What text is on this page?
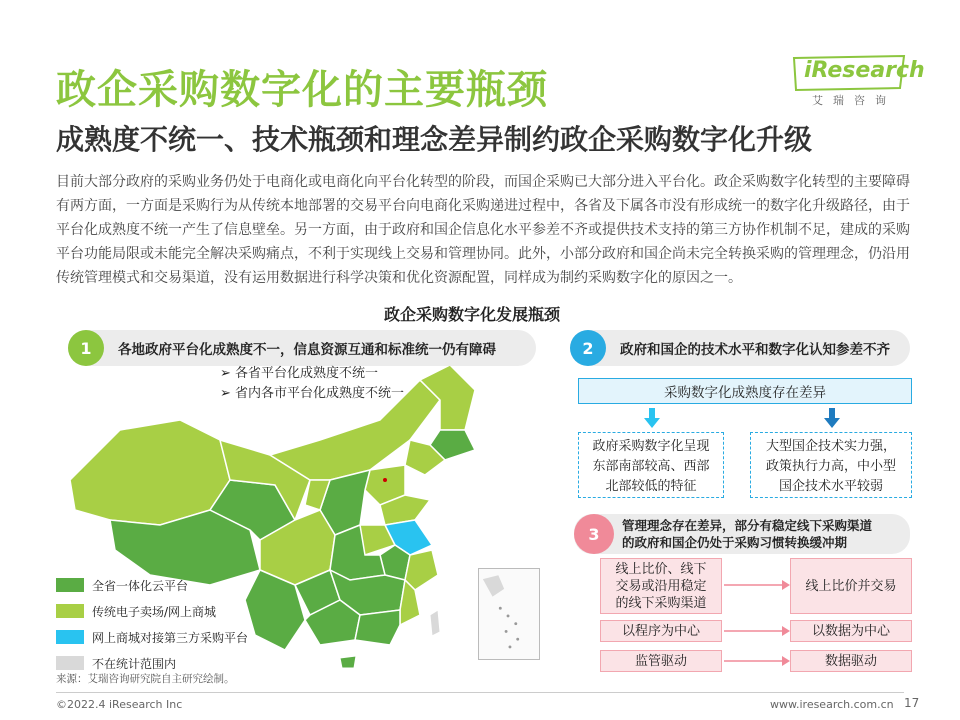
政企采购数字化的主要瓶颈
成熟度不统一、技术瓶颈和理念差异制约政企采购数字化升级
iResearch
艾瑞咨询
目前大部分政府的采购业务仍处于电商化或电商化向平台化转型的阶段，而国企采购已大部分进入平台化。政企采购数字化转型的主要障碍有两方面，一方面是采购行为从传统本地部署的交易平台向电商化采购递进过程中，各省及下属各市没有形成统一的数字化升级路径，由于平台化成熟度不统一产生了信息壁垒。另一方面，由于政府和国企信息化水平参差不齐或提供技术支持的第三方协作机制不足，建成的采购平台功能局限或未能完全解决采购痛点，不利于实现线上交易和管理协同。此外，小部分政府和国企尚未完全转换采购的管理理念，仍沿用传统管理模式和交易渠道，没有运用数据进行科学决策和优化资源配置，同样成为制约采购数字化的原因之一。
政企采购数字化发展瓶颈
1	各地政府平台化成熟度不一，信息资源互通和标准统一仍有障碍
➢ 各省平台化成熟度不统一
➢ 省内各市平台化成熟度不统一
全省一体化云平台
传统电子卖场/网上商城
网上商城对接第三方采购平台
不在统计范围内
来源：艾瑞咨询研究院自主研究绘制。
2	政府和国企的技术水平和数字化认知参差不齐
采购数字化成熟度存在差异
政府采购数字化呈现
东部南部较高、西部
北部较低的特征
大型国企技术实力强，
政策执行力高，中小型
国企技术水平较弱
3	管理理念存在差异，部分有稳定线下采购渠道
的政府和国企仍处于采购习惯转换缓冲期
线上比价、线下
交易或沿用稳定
的线下采购渠道
线上比价并交易
以程序为中心	以数据为中心
监管驱动	数据驱动
©2022.4 iResearch Inc	www.iresearch.com.cn 17
